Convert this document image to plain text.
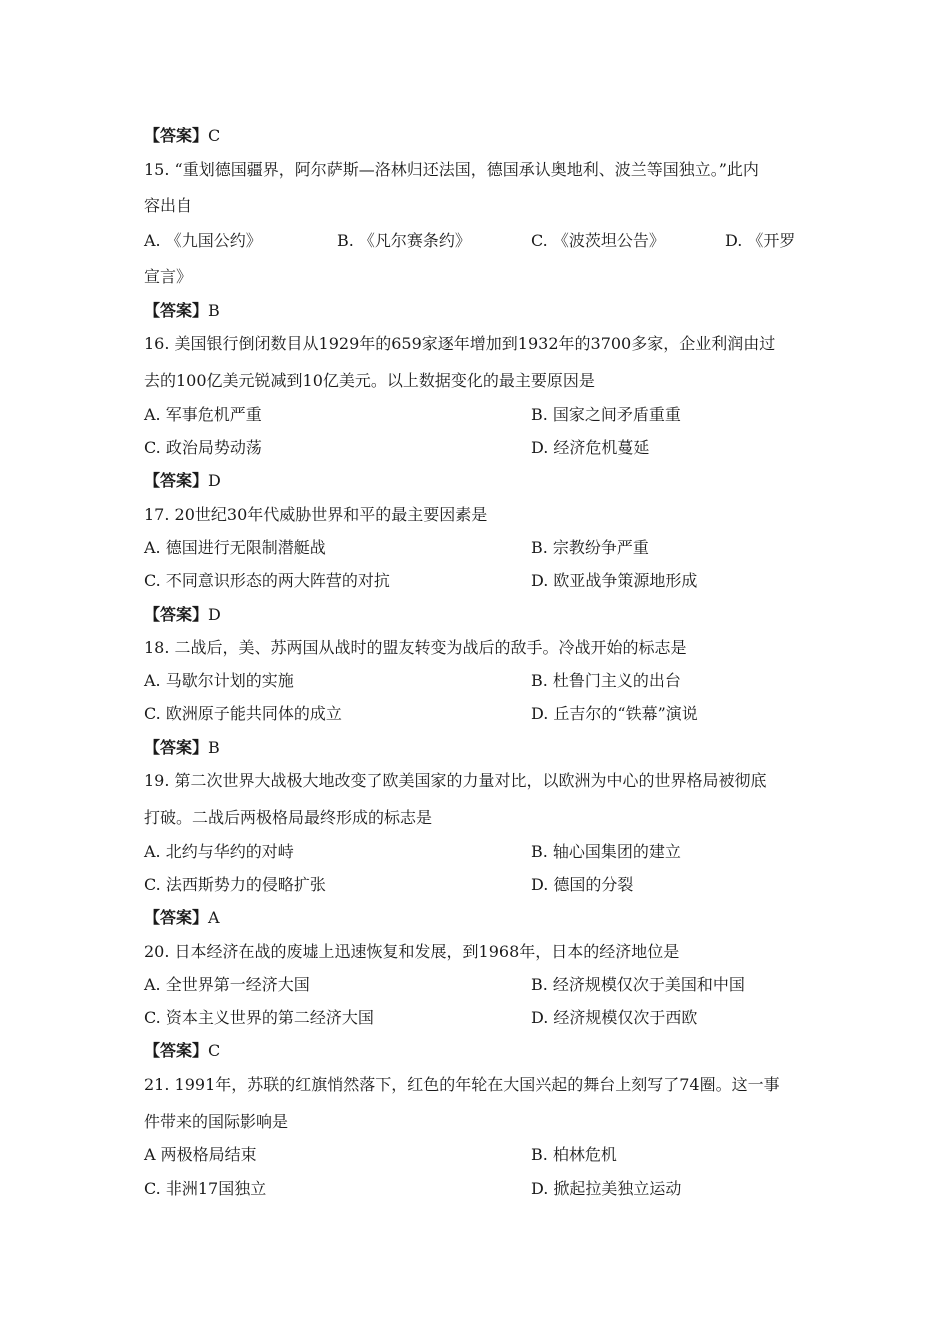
【答案】C
15. “重划德国疆界，阿尔萨斯—洛林归还法国，德国承认奥地利、波兰等国独立。”此内
容出自
A. 《九国公约》	B. 《凡尔赛条约》	C. 《波茨坦公告》	D. 《开罗
宣言》
【答案】B
16. 美国银行倒闭数目从1929年的659家逐年增加到1932年的3700多家，企业利润由过
去的100亿美元锐减到10亿美元。以上数据变化的最主要原因是
A. 军事危机严重	B. 国家之间矛盾重重
C. 政治局势动荡	D. 经济危机蔓延
【答案】D
17. 20世纪30年代威胁世界和平的最主要因素是
A. 德国进行无限制潜艇战	B. 宗教纷争严重
C. 不同意识形态的两大阵营的对抗	D. 欧亚战争策源地形成
【答案】D
18. 二战后，美、苏两国从战时的盟友转变为战后的敌手。冷战开始的标志是
A. 马歇尔计划的实施	B. 杜鲁门主义的出台
C. 欧洲原子能共同体的成立	D. 丘吉尔的“铁幕”演说
【答案】B
19. 第二次世界大战极大地改变了欧美国家的力量对比，以欧洲为中心的世界格局被彻底
打破。二战后两极格局最终形成的标志是
A. 北约与华约的对峙	B. 轴心国集团的建立
C. 法西斯势力的侵略扩张	D. 德国的分裂
【答案】A
20. 日本经济在战的废墟上迅速恢复和发展，到1968年，日本的经济地位是
A. 全世界第一经济大国	B. 经济规模仅次于美国和中国
C. 资本主义世界的第二经济大国	D. 经济规模仅次于西欧
【答案】C
21. 1991年，苏联的红旗悄然落下，红色的年轮在大国兴起的舞台上刻写了74圈。这一事
件带来的国际影响是
A 两极格局结束	B. 柏林危机
C. 非洲17国独立	D. 掀起拉美独立运动
